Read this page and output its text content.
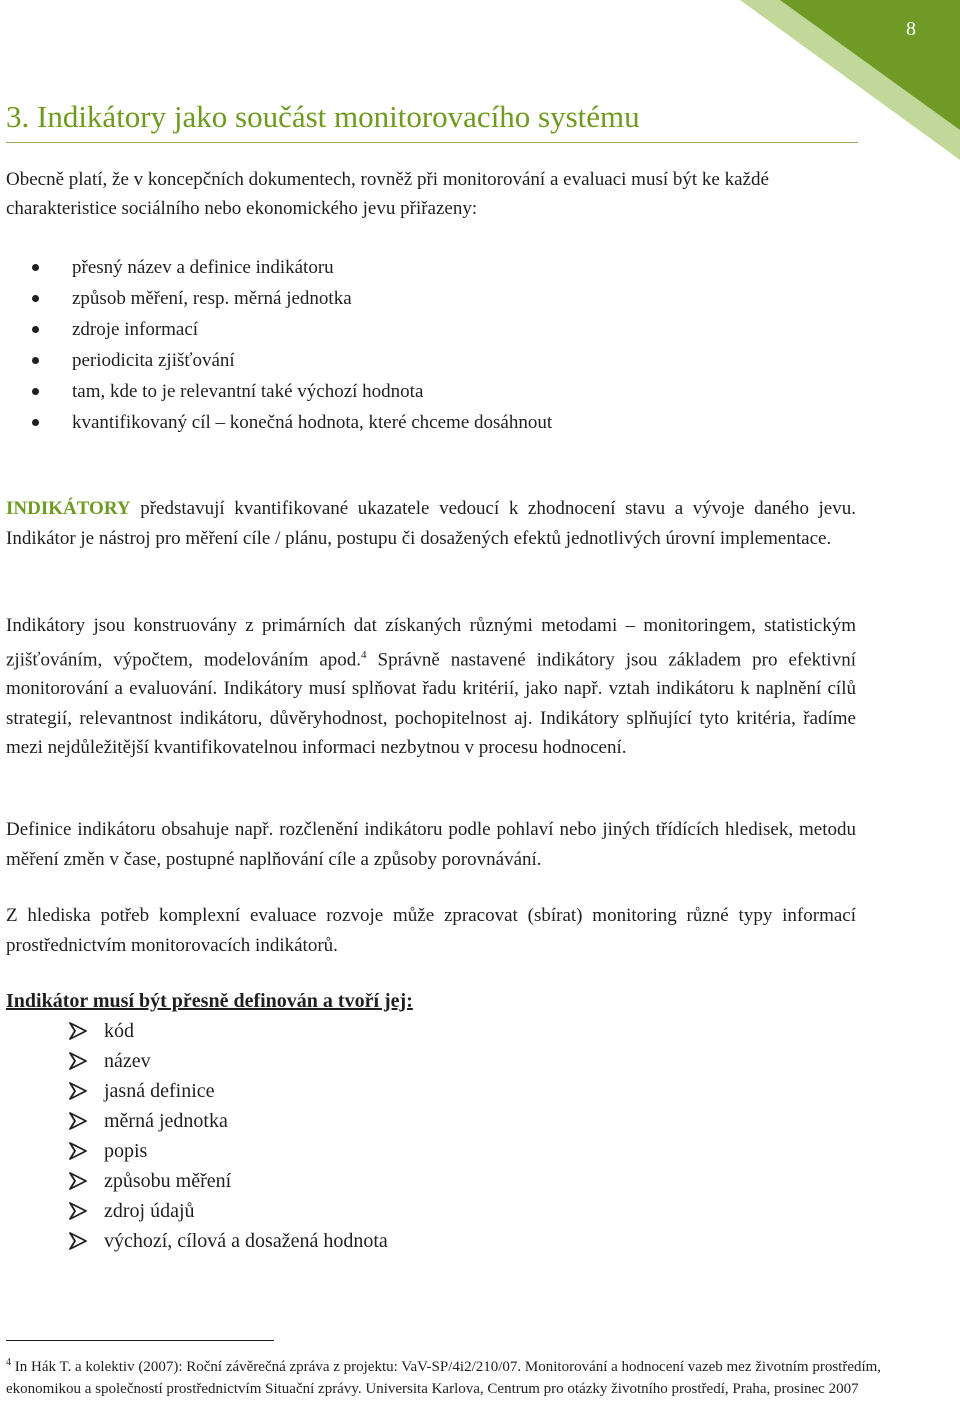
8
3. Indikátory jako součást monitorovacího systému

Obecně platí, že v koncepčních dokumentech, rovněž při monitorování a evaluaci musí být ke každé charakteristice sociálního nebo ekonomického jevu přiřazeny:

přesný název a definice indikátoru
způsob měření, resp. měrná jednotka
zdroje informací
periodicita zjišťování
tam, kde to je relevantní také výchozí hodnota
kvantifikovaný cíl – konečná hodnota, které chceme dosáhnout

INDIKÁTORY představují kvantifikované ukazatele vedoucí k zhodnocení stavu a vývoje daného jevu. Indikátor je nástroj pro měření cíle / plánu, postupu či dosažených efektů jednotlivých úrovní implementace.

Indikátory jsou konstruovány z primárních dat získaných různými metodami – monitoringem, statistickým zjišťováním, výpočtem, modelováním apod.$^4$ Správně nastavené indikátory jsou základem pro efektivní monitorování a evaluování. Indikátory musí splňovat řadu kritérií, jako např. vztah indikátoru k naplnění cílů strategií, relevantnost indikátoru, důvěryhodnost, pochopitelnost aj. Indikátory splňující tyto kritéria, řadíme mezi nejdůležitější kvantifikovatelnou informaci nezbytnou v procesu hodnocení.

Definice indikátoru obsahuje např. rozčlenění indikátoru podle pohlaví nebo jiných třídících hledisek, metodu měření změn v čase, postupné naplňování cíle a způsoby porovnávání.

Z hlediska potřeb komplexní evaluace rozvoje může zpracovat (sbírat) monitoring různé typy informací prostřednictvím monitorovacích indikátorů.

Indikátor musí být přesně definován a tvoří jej:
kód
název
jasná definice
měrná jednotka
popis
způsobu měření
zdroj údajů
výchozí, cílová a dosažená hodnota
$^4$ In Hák T. a kolektiv (2007): Roční závěrečná zpráva z projektu: VaV-SP/4i2/210/07. Monitorování a hodnocení vazeb mez životním prostředím, ekonomikou a společností prostřednictvím Situační zprávy. Universita Karlova, Centrum pro otázky životního prostředí, Praha, prosinec 2007
